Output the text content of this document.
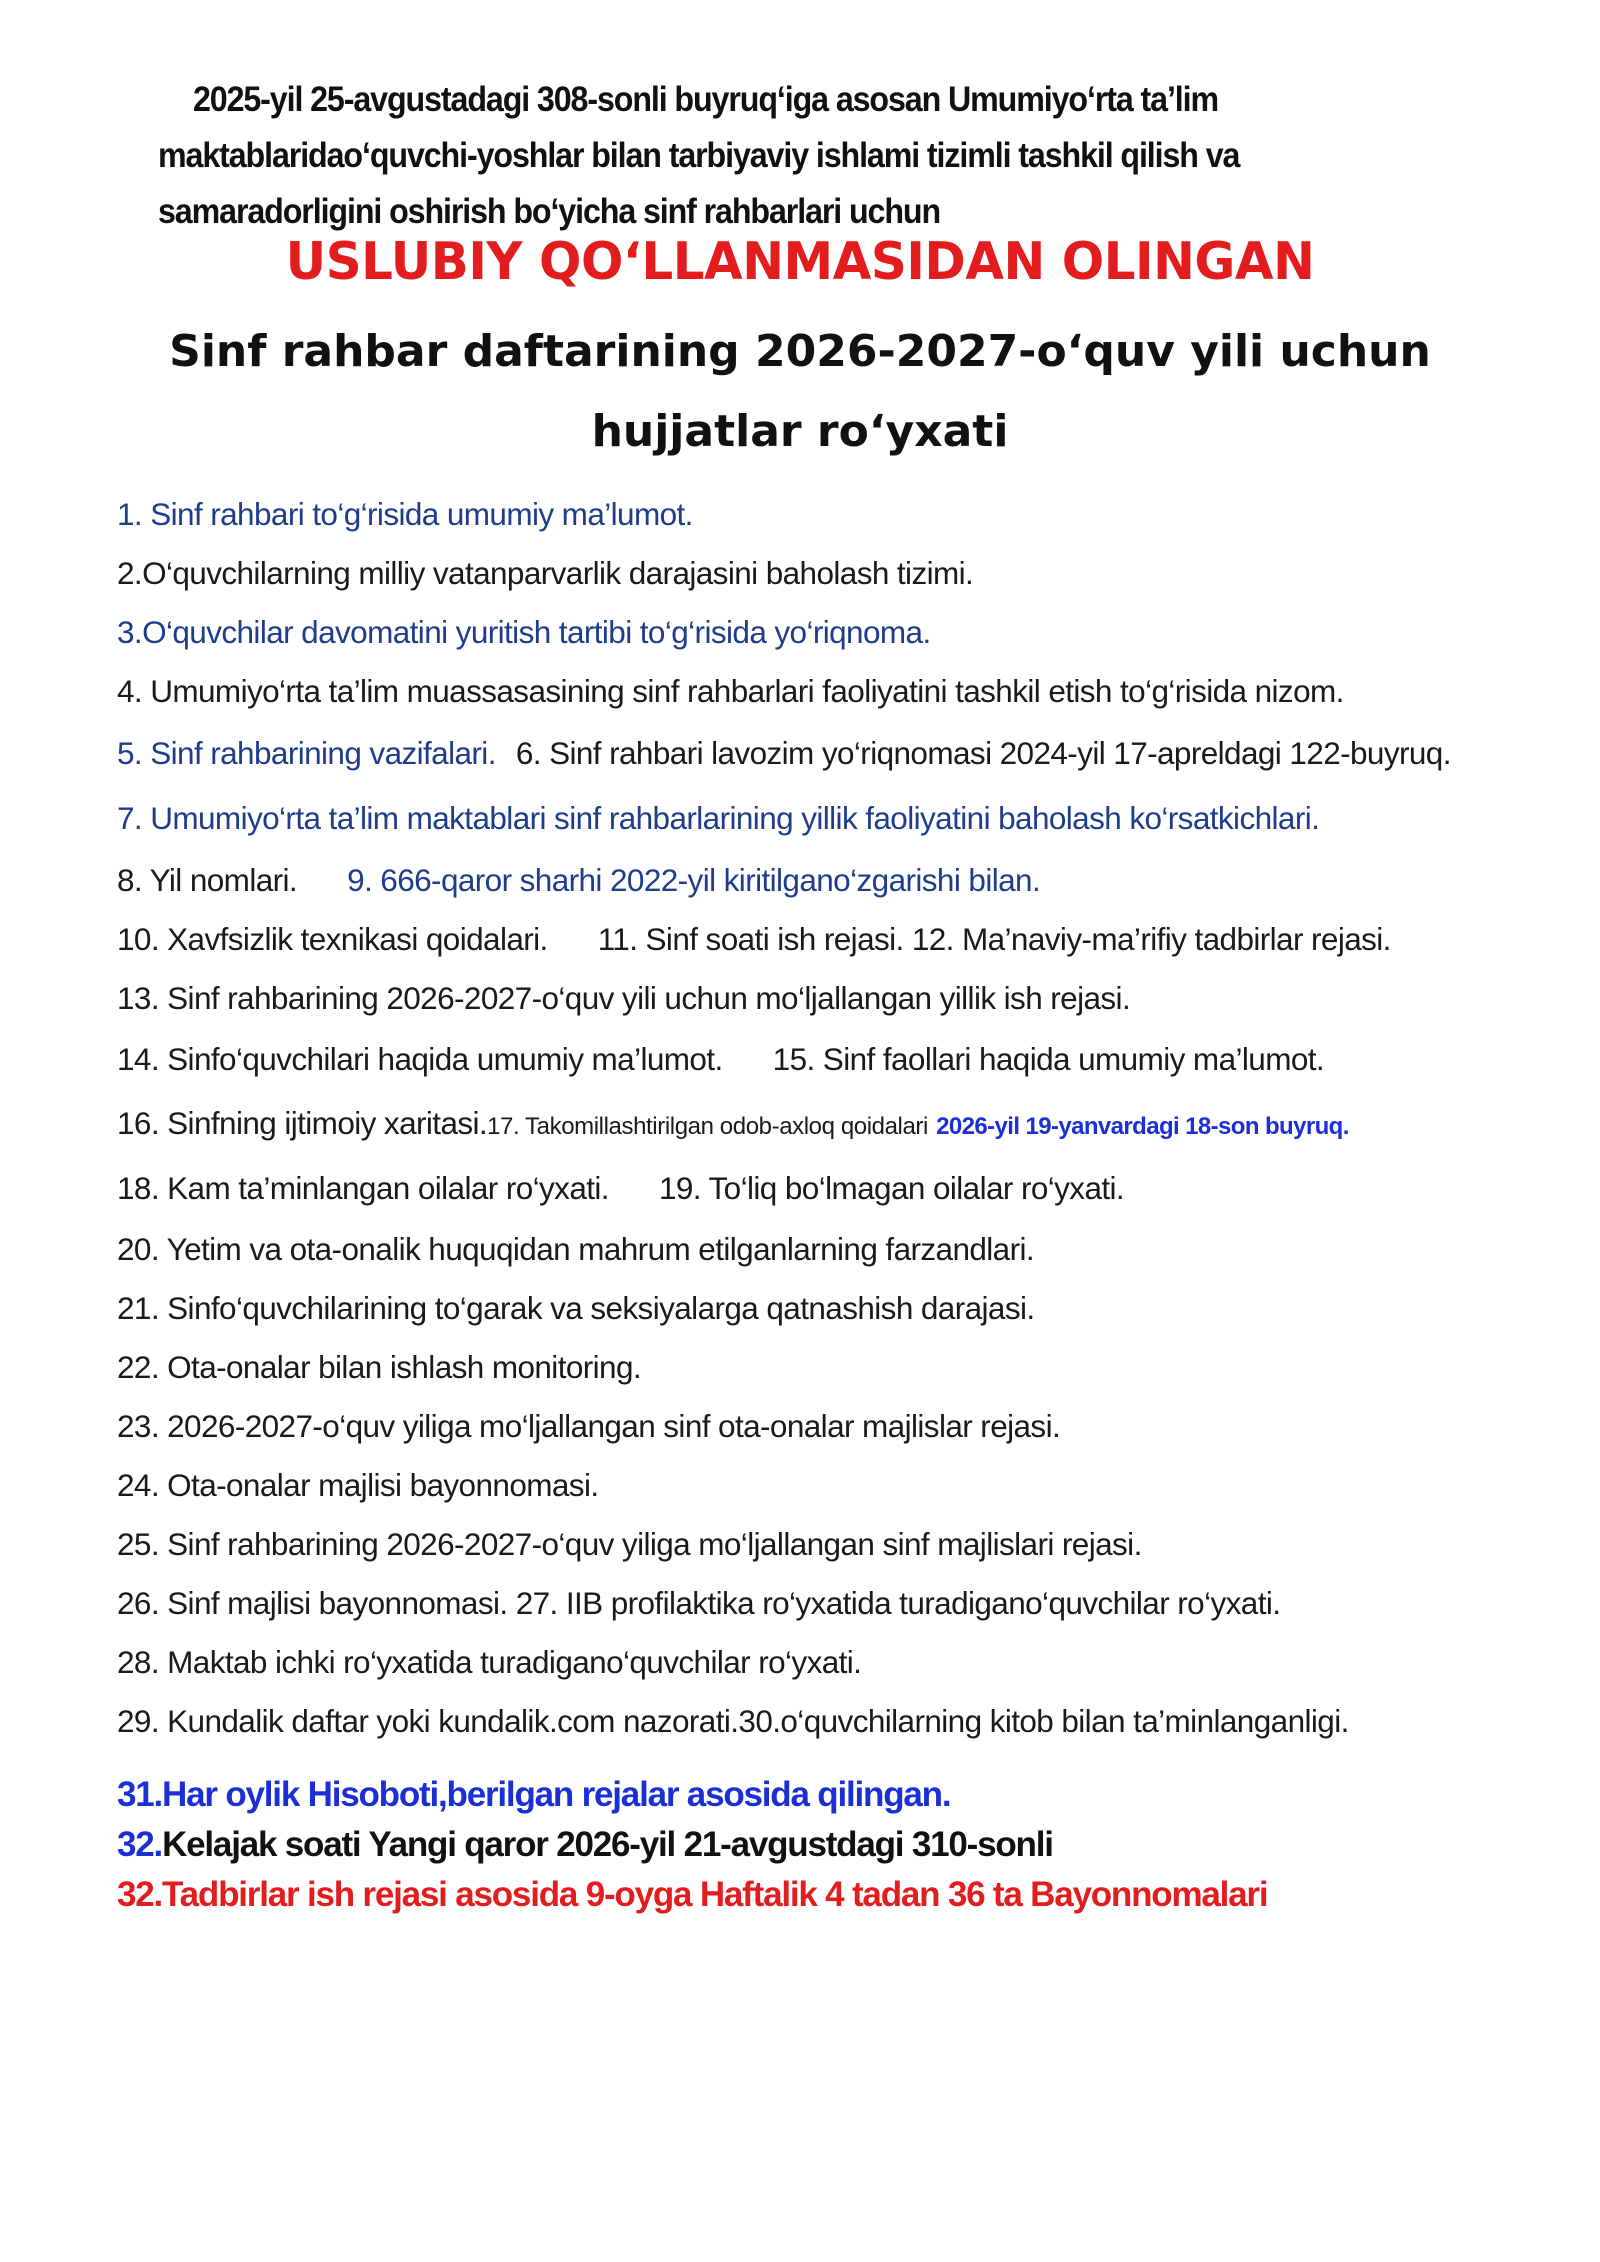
2025-yil 25-avgustadagi 308-sonli buyruq‘iga asosan Umumiyo‘rta ta’lim
maktablaridao‘quvchi-yoshlar bilan tarbiyaviy ishlami tizimli tashkil qilish va
samaradorligini oshirish bo‘yicha sinf rahbarlari uchun
USLUBIY QO‘LLANMASIDAN OLINGAN
Sinf rahbar daftarining 2026-2027-o‘quv yili uchun
hujjatlar ro‘yxati
1. Sinf rahbari to‘g‘risida umumiy ma’lumot.
2.O‘quvchilarning milliy vatanparvarlik darajasini baholash tizimi.
3.O‘quvchilar davomatini yuritish tartibi to‘g‘risida yo‘riqnoma.
4. Umumiyo‘rta ta’lim muassasasining sinf rahbarlari faoliyatini tashkil etish to‘g‘risida nizom.
5. Sinf rahbarining vazifalari. 6. Sinf rahbari lavozim yo‘riqnomasi 2024-yil 17-apreldagi 122-buyruq.
7. Umumiyo‘rta ta’lim maktablari sinf rahbarlarining yillik faoliyatini baholash ko‘rsatkichlari.
8. Yil nomlari. 9. 666-qaror sharhi 2022-yil kiritilganо‘zgarishi bilan.
10. Xavfsizlik texnikasi qoidalari. 11. Sinf soati ish rejasi. 12. Ma’naviy-ma’rifiy tadbirlar rejasi.
13. Sinf rahbarining 2026-2027-o‘quv yili uchun mo‘ljallangan yillik ish rejasi.
14. Sinfo‘quvchilari haqida umumiy ma’lumot. 15. Sinf faollari haqida umumiy ma’lumot.
16. Sinfning ijtimoiy xaritasi.17. Takomillashtirilgan odob-axloq qoidalari 2026-yil 19-yanvardagi 18-son buyruq.
18. Kam ta’minlangan oilalar ro‘yxati. 19. To‘liq bo‘lmagan oilalar ro‘yxati.
20. Yetim va ota-onalik huquqidan mahrum etilganlarning farzandlari.
21. Sinfo‘quvchilarining to‘garak va seksiyalarga qatnashish darajasi.
22. Ota-onalar bilan ishlash monitoring.
23. 2026-2027-o‘quv yiliga mo‘ljallangan sinf ota-onalar majlislar rejasi.
24. Ota-onalar majlisi bayonnomasi.
25. Sinf rahbarining 2026-2027-o‘quv yiliga mo‘ljallangan sinf majlislari rejasi.
26. Sinf majlisi bayonnomasi. 27. IIB profilaktika ro‘yxatida turadigano‘quvchilar ro‘yxati.
28. Maktab ichki ro‘yxatida turadigano‘quvchilar ro‘yxati.
29. Kundalik daftar yoki kundalik.com nazorati.30.o‘quvchilarning kitob bilan ta’minlanganligi.
31.Har oylik Hisoboti,berilgan rejalar asosida qilingan.
32.Kelajak soati Yangi qaror 2026-yil 21-avgustdagi 310-sonli
32.Tadbirlar ish rejasi asosida 9-oyga Haftalik 4 tadan 36 ta Bayonnomalari
